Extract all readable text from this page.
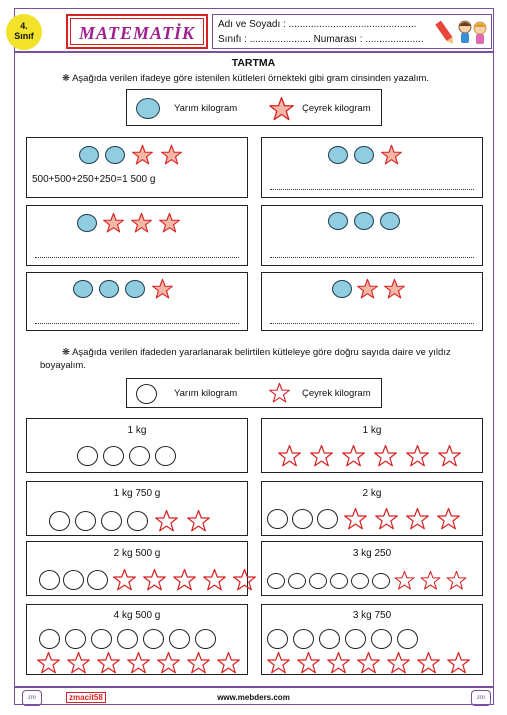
4.
Sınıf	MATEMATİK	Adı ve Soyadı : ..............................................
Sınıfı : ...................... Numarası : .....................
TARTMA
❋ Aşağıda verilen ifadeye göre istenilen kütleleri örnekteki gibi gram cinsinden yazalım.
Yarım kilogram	Çeyrek kilogram
500+500+250+250=1 500 g
❋ Aşağıda verilen ifadeden yararlanarak belirtilen kütleleye göre doğru sayıda daire ve yıldız boyayalım.
Yarım kilogram	Çeyrek kilogram
1 kg	1 kg
1 kg 750 g	2 kg
2 kg 500 g	3 kg 250
4 kg 500 g	3 kg 750
zm	zmacit58	www.mebders.com	zm
